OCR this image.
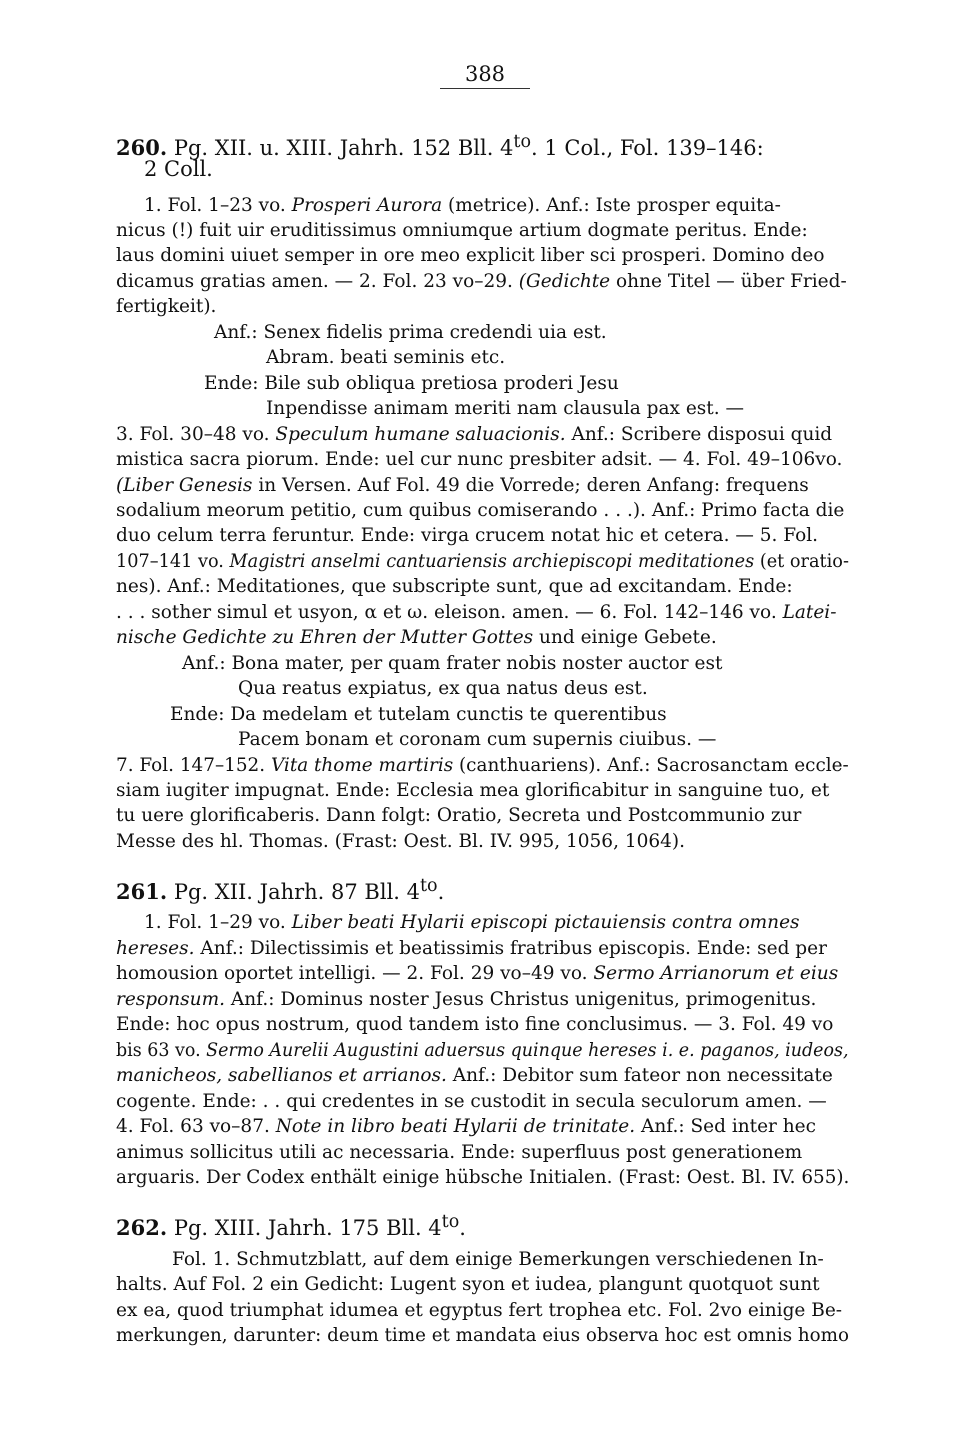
388
260. Pg. XII. u. XIII. Jahrh. 152 Bll. $4^{to}$. 1 Col., Fol. 139–146:
2 Coll.
1. Fol. 1–23 vo. Prosperi Aurora (metrice). Anf.: Iste prosper equita-
nicus (!) fuit uir eruditissimus omniumque artium dogmate peritus. Ende:
laus domini uiuet semper in ore meo explicit liber sci prosperi. Domino deo
dicamus gratias amen. — 2. Fol. 23 vo–29. (Gedichte ohne Titel — über Fried-
fertigkeit).
Anf.: Senex fidelis prima credendi uia est.
Abram. beati seminis etc.
Ende: Bile sub obliqua pretiosa proderi Jesu
Inpendisse animam meriti nam clausula pax est. —
3. Fol. 30–48 vo. Speculum humane saluacionis. Anf.: Scribere disposui quid
mistica sacra piorum. Ende: uel cur nunc presbiter adsit. — 4. Fol. 49–106vo.
(Liber Genesis in Versen. Auf Fol. 49 die Vorrede; deren Anfang: frequens
sodalium meorum petitio, cum quibus comiserando . . .). Anf.: Primo facta die
duo celum terra feruntur. Ende: virga crucem notat hic et cetera. — 5. Fol.
107–141 vo. Magistri anselmi cantuariensis archiepiscopi meditationes (et oratio-
nes). Anf.: Meditationes, que subscripte sunt, que ad excitandam. Ende:
. . . sother simul et usyon, α et ω. eleison. amen. — 6. Fol. 142–146 vo. Latei-
nische Gedichte zu Ehren der Mutter Gottes und einige Gebete.
Anf.: Bona mater, per quam frater nobis noster auctor est
Qua reatus expiatus, ex qua natus deus est.
Ende: Da medelam et tutelam cunctis te querentibus
Pacem bonam et coronam cum supernis ciuibus. —
7. Fol. 147–152. Vita thome martiris (canthuariens). Anf.: Sacrosanctam eccle-
siam iugiter impugnat. Ende: Ecclesia mea glorificabitur in sanguine tuo, et
tu uere glorificaberis. Dann folgt: Oratio, Secreta und Postcommunio zur
Messe des hl. Thomas. (Frast: Oest. Bl. IV. 995, 1056, 1064).
261. Pg. XII. Jahrh. 87 Bll. $4^{to}$.
1. Fol. 1–29 vo. Liber beati Hylarii episcopi pictauiensis contra omnes
hereses. Anf.: Dilectissimis et beatissimis fratribus episcopis. Ende: sed per
homousion oportet intelligi. — 2. Fol. 29 vo–49 vo. Sermo Arrianorum et eius
responsum. Anf.: Dominus noster Jesus Christus unigenitus, primogenitus.
Ende: hoc opus nostrum, quod tandem isto fine conclusimus. — 3. Fol. 49 vo
bis 63 vo. Sermo Aurelii Augustini aduersus quinque hereses i. e. paganos, iudeos,
manicheos, sabellianos et arrianos. Anf.: Debitor sum fateor non necessitate
cogente. Ende: . . qui credentes in se custodit in secula seculorum amen. —
4. Fol. 63 vo–87. Note in libro beati Hylarii de trinitate. Anf.: Sed inter hec
animus sollicitus utili ac necessaria. Ende: superfluus post generationem
arguaris. Der Codex enthält einige hübsche Initialen. (Frast: Oest. Bl. IV. 655).
262. Pg. XIII. Jahrh. 175 Bll. $4^{to}$.
Fol. 1. Schmutzblatt, auf dem einige Bemerkungen verschiedenen In-
halts. Auf Fol. 2 ein Gedicht: Lugent syon et iudea, plangunt quotquot sunt
ex ea, quod triumphat idumea et egyptus fert trophea etc. Fol. 2vo einige Be-
merkungen, darunter: deum time et mandata eius observa hoc est omnis homo
